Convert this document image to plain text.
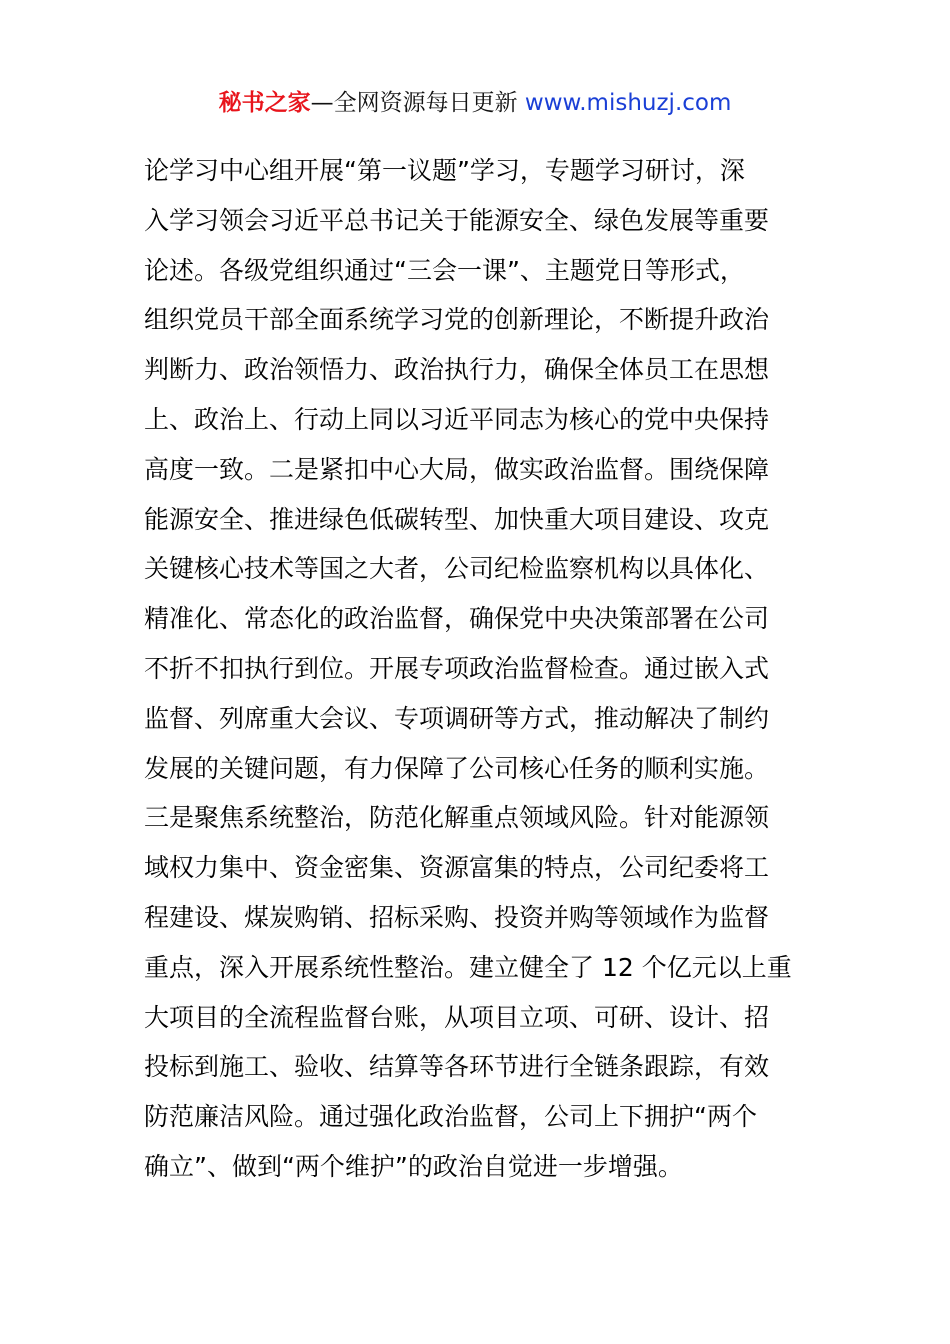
秘书之家—全网资源每日更新 www.mishuzj.com
论学习中心组开展“第一议题”学习，专题学习研讨，深
入学习领会习近平总书记关于能源安全、绿色发展等重要
论述。各级党组织通过“三会一课”、主题党日等形式，
组织党员干部全面系统学习党的创新理论，不断提升政治
判断力、政治领悟力、政治执行力，确保全体员工在思想
上、政治上、行动上同以习近平同志为核心的党中央保持
高度一致。二是紧扣中心大局，做实政治监督。围绕保障
能源安全、推进绿色低碳转型、加快重大项目建设、攻克
关键核心技术等国之大者，公司纪检监察机构以具体化、
精准化、常态化的政治监督，确保党中央决策部署在公司
不折不扣执行到位。开展专项政治监督检查。通过嵌入式
监督、列席重大会议、专项调研等方式，推动解决了制约
发展的关键问题，有力保障了公司核心任务的顺利实施。
三是聚焦系统整治，防范化解重点领域风险。针对能源领
域权力集中、资金密集、资源富集的特点，公司纪委将工
程建设、煤炭购销、招标采购、投资并购等领域作为监督
重点，深入开展系统性整治。建立健全了 12 个亿元以上重
大项目的全流程监督台账，从项目立项、可研、设计、招
投标到施工、验收、结算等各环节进行全链条跟踪，有效
防范廉洁风险。通过强化政治监督，公司上下拥护“两个
确立”、做到“两个维护”的政治自觉进一步增强。
